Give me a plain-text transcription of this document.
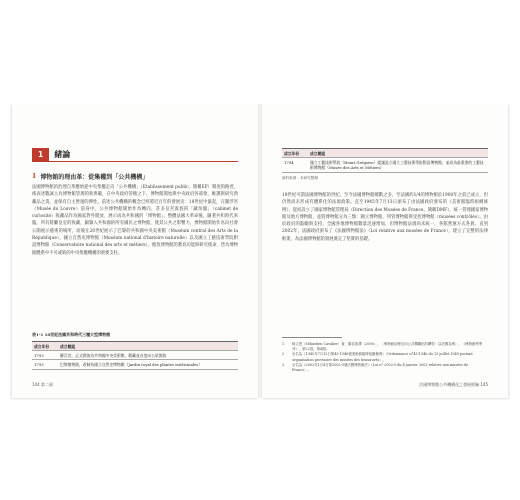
1	緒論
1 博物館的理由革：從集權到「公共機構」

法國博物館的治理自革應始從中央集權走向「公共機構」（Etablissement public，簡稱EP）制度的路徑，係表述數誠立為博物館管理的新典範，在中央政府管轄之下，博物館開始與中央政府各部會，維護與研究典藏品之責，並保有自主營運的彈性。前述公共機構的概念已經將近百年的發展史：18世紀中葉起，在羅浮宮（Musée du Louvre）前身中，公共博物館開始作為轉向，許多皇宮貴族的「藏珍閣」（cabinet de curiosité）收藏品作為國家對外開放，展示成為共和國的「博物館」。整體法國大革命後，隨著共和時代來臨，所有將屬皇室的收藏，歸隸入共和國的所有國民之博物館，使其公共之影響力，博物館開始作為向社會公開展示藝術的場所，而後在20世紀展示了巴黎的共和國中央美術館（Muséum central des Arts de la République），國立自然史博物館（Muséum national d'histoire naturelle）以及國立工藝技術學院附設博物館（Conservatoire national des arts et métiers），擔負博物館的教育功能與研究使命，皆為博物館體系中不可或缺的中央集權機構的重要支柱。

表1-1 18世紀法國共和時代三種大型博物館
成立年份	成立館組
1793	羅浮宮，正式開放為共和國中央美術館，館藏並首度向公眾開放
1793	巴黎植物園，改制為國立自然史博物館（Jardin royal des plantes médicinales）
144 第二冊
成立年份	成立館組
1794	國立工藝技術學院（Henri Grégoire）提議設立國立工藝技術學院附設博物館，並成為最重要的工藝技術博物館（Musée des Arts et Métiers）
資料來源：本研究整理

19世紀可謂法國博物館的世紀，至今法國博物館總數之多，至法國約1/4的博物館於1900年之前已成立，但仍然尚未形成有體系化的法規政策。直至1945年7月13日頒布了由法國政府發布的《美術館臨時組織條例》，從而設立了國家博物館管理局（Direction des Musées de France，簡稱DMF），統一管理國家博物館及地方博物館，並將博物館分為三類：國立博物館、列管博物館與受控博物館（musées contrôlés）。由於政府的鼓勵與支持，全國各地博物館數量迅速增加，但博物館法規尚未統一，各館營運方式各異。直到2002年，法國政府頒布了《法國博物館法》（Loi relative aux musées de France），建立了完整的法律框架，為法國博物館的發展奠定了堅實的基礎。

1	柯文恩（Sébastien Cavalier）著，鄭佳如譯（2006），〈博物館治理走向公共機構化的轉型：以法國為例〉，《博物館學季刊》，第22卷，第4期。
2	全名為《1945年7月13日第45-1546號美術館臨時組織條例》（Ordonnance n°45-1546 du 13 juillet 1945 portant organisation provisoire des musées des beaux-arts）。
3	全名為《2002年1月4日第2002-5號法國博物館法》（Loi n° 2002-5 du 4 janvier 2002 relative aux musées de France）。
法國博物館公共機構化之發展經驗 145
